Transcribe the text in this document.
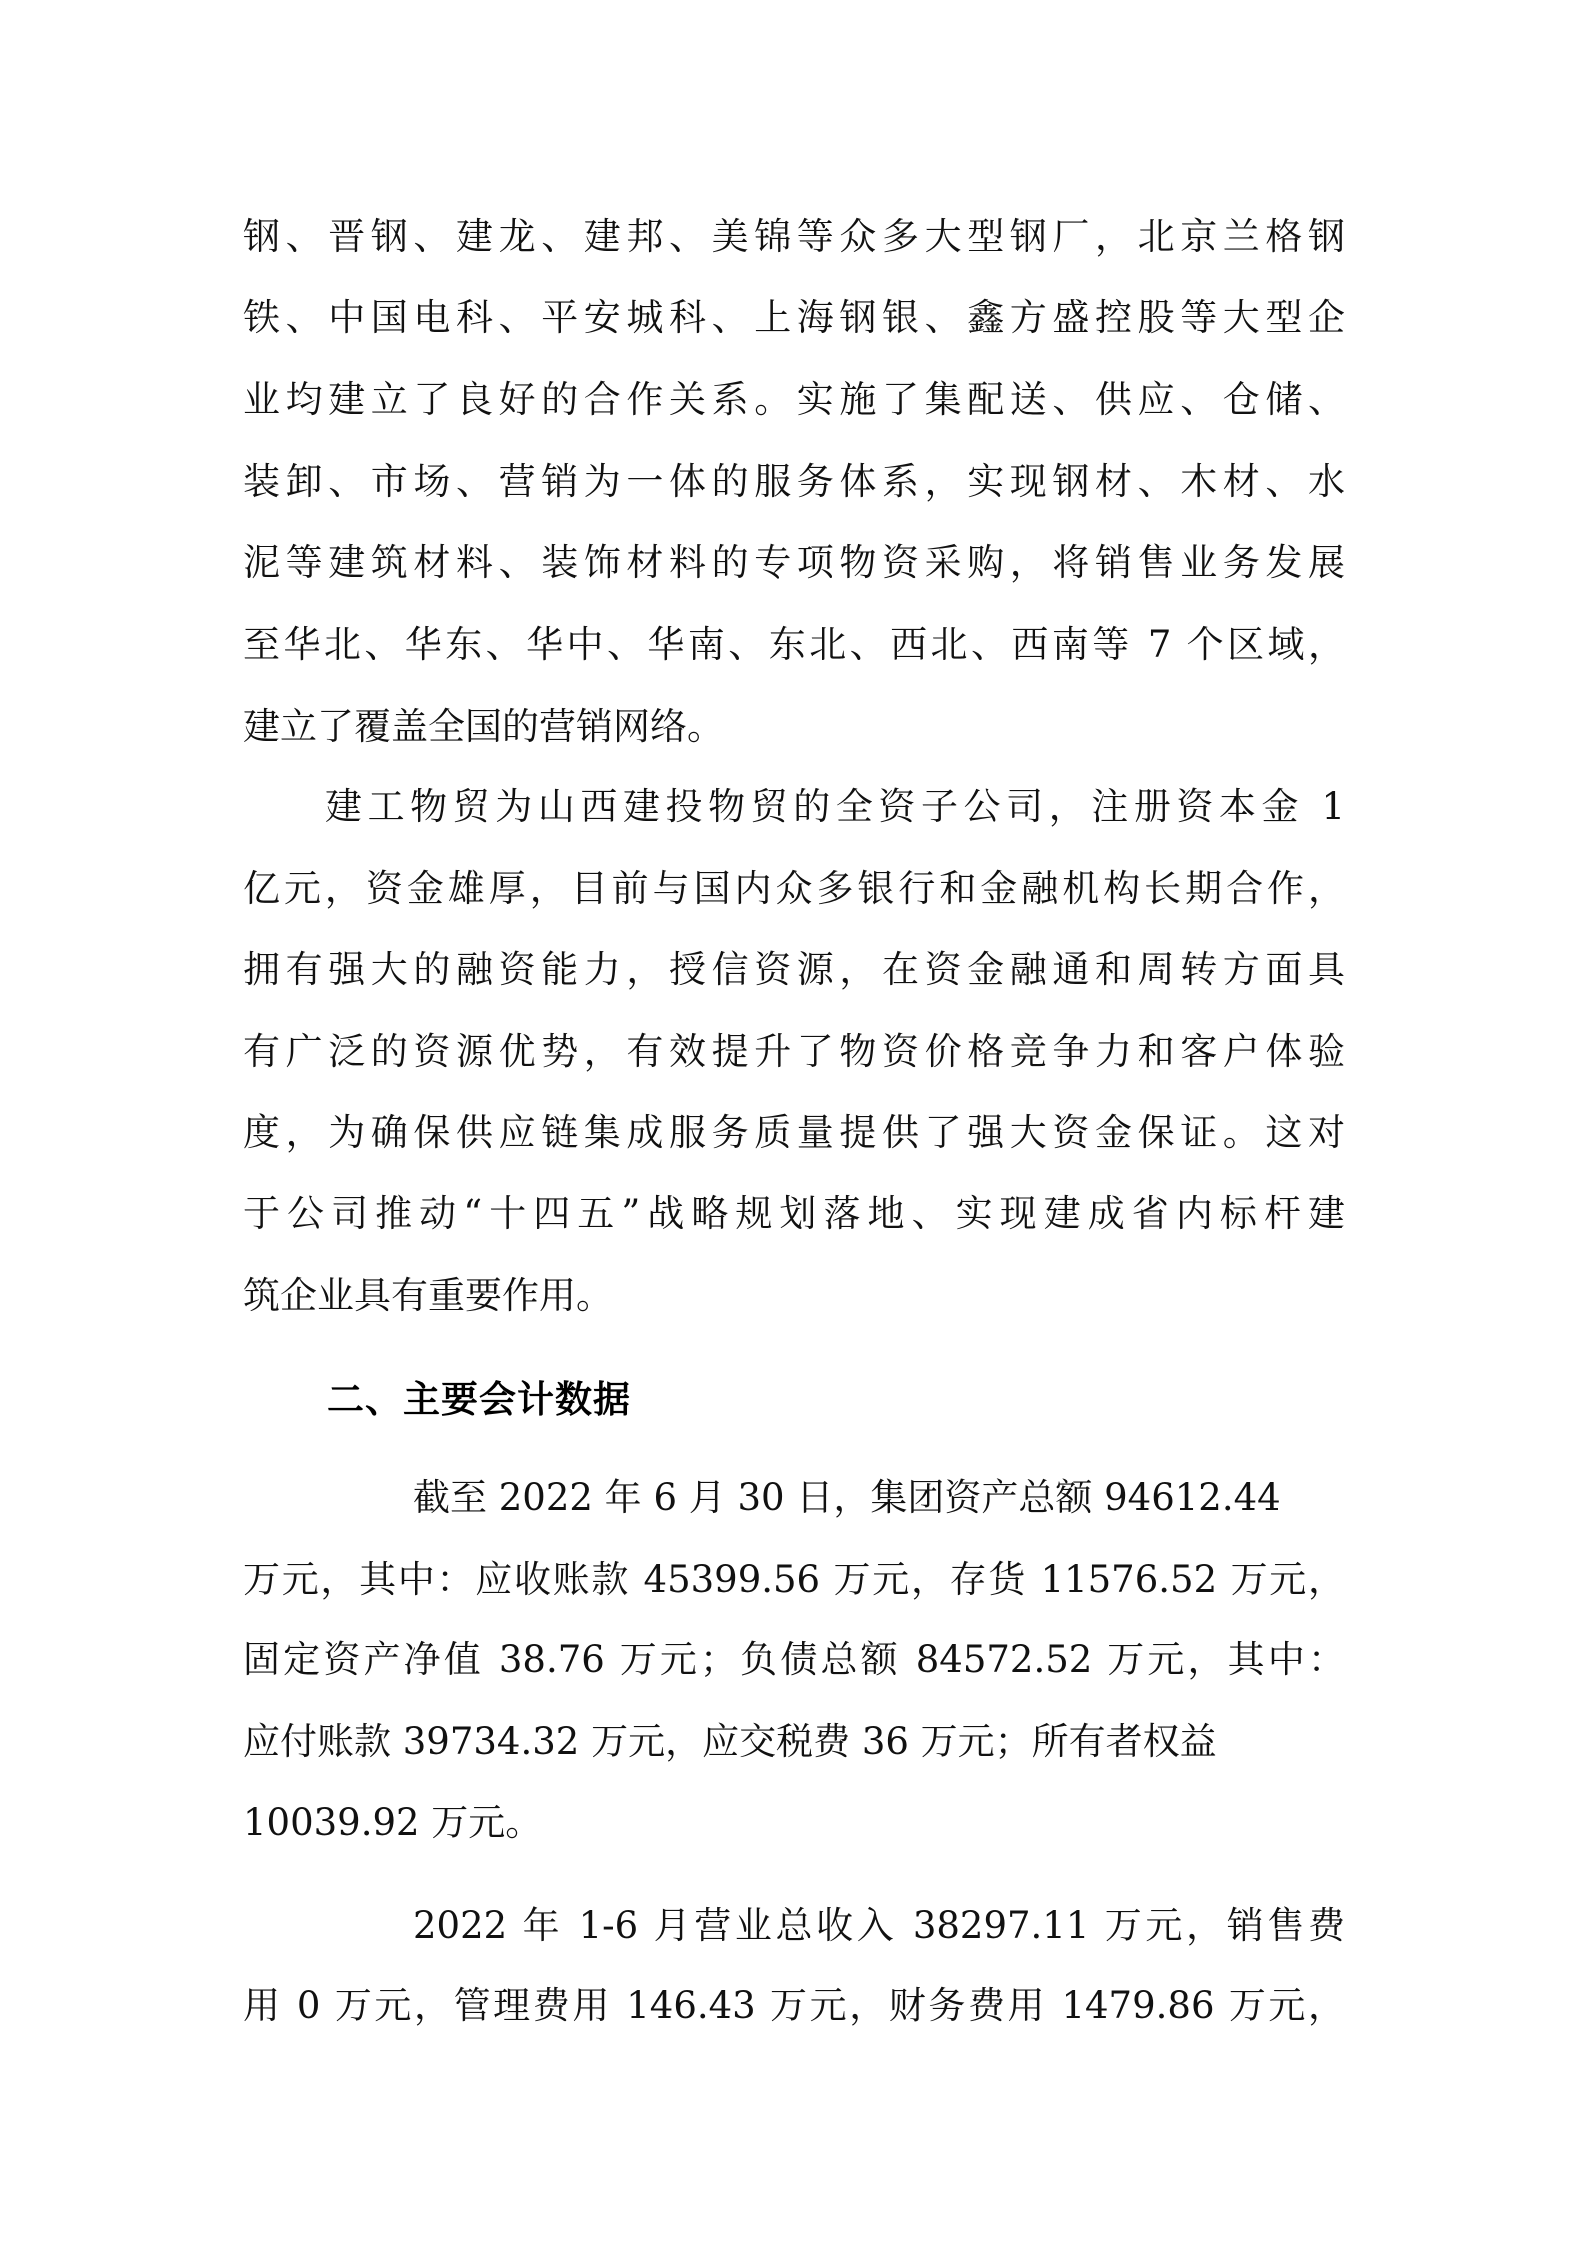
钢、晋钢、建龙、建邦、美锦等众多大型钢厂，北京兰格钢
铁、中国电科、平安城科、上海钢银、鑫方盛控股等大型企
业均建立了良好的合作关系。实施了集配送、供应、仓储、
装卸、市场、营销为一体的服务体系，实现钢材、木材、水
泥等建筑材料、装饰材料的专项物资采购，将销售业务发展
至华北、华东、华中、华南、东北、西北、西南等 7 个区域，
建立了覆盖全国的营销网络。
建工物贸为山西建投物贸的全资子公司，注册资本金 1
亿元，资金雄厚，目前与国内众多银行和金融机构长期合作，
拥有强大的融资能力，授信资源，在资金融通和周转方面具
有广泛的资源优势，有效提升了物资价格竞争力和客户体验
度，为确保供应链集成服务质量提供了强大资金保证。这对
于公司推动“十四五”战略规划落地、实现建成省内标杆建
筑企业具有重要作用。
二、主要会计数据
截至 2022 年 6 月 30 日，集团资产总额 94612.44
万元，其中：应收账款 45399.56 万元，存货 11576.52 万元，
固定资产净值 38.76 万元；负债总额 84572.52 万元，其中：
应付账款 39734.32 万元，应交税费 36 万元；所有者权益
10039.92 万元。
2022 年 1-6 月营业总收入 38297.11 万元，销售费
用 0 万元，管理费用 146.43 万元，财务费用 1479.86 万元，
